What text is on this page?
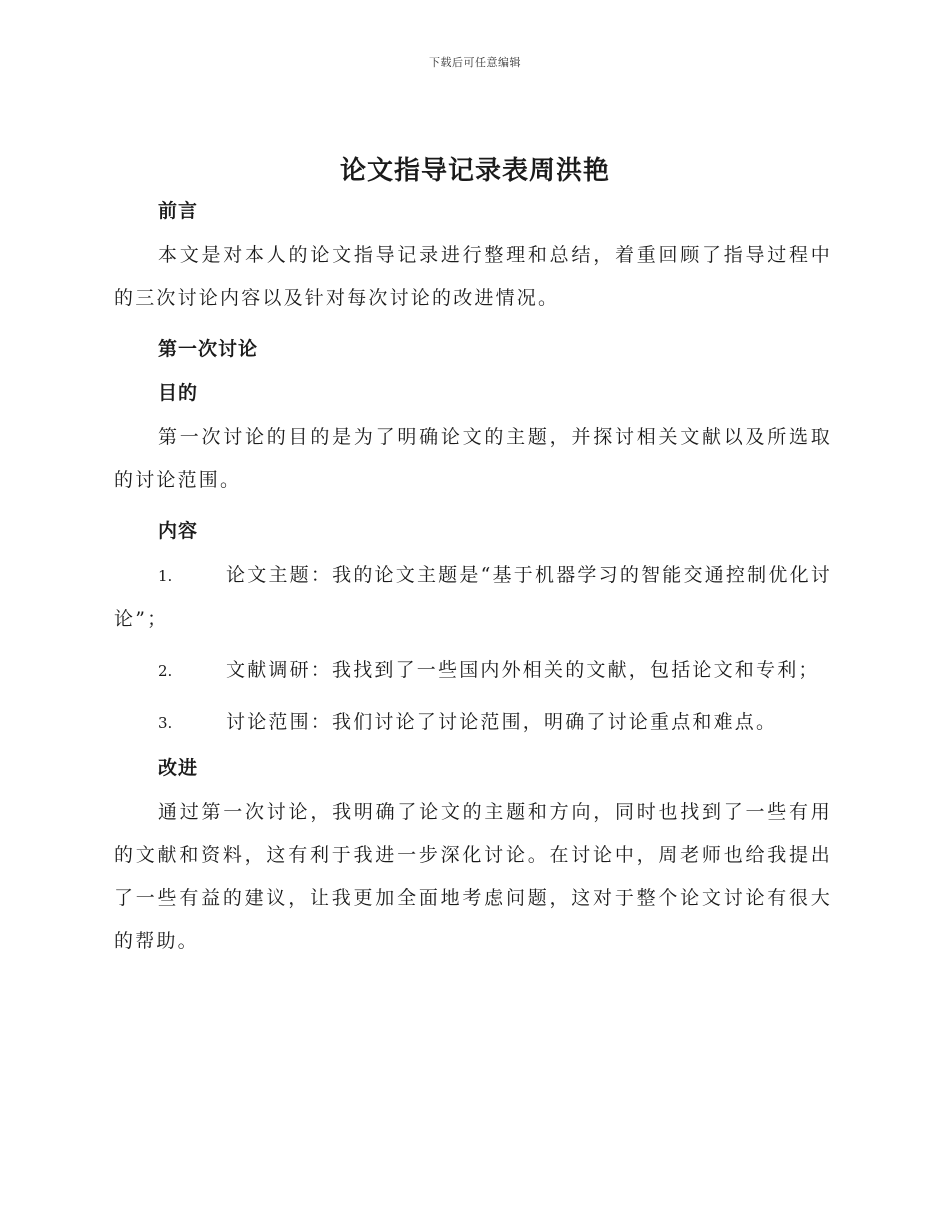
下载后可任意编辑
论文指导记录表周洪艳

前言

本文是对本人的论文指导记录进行整理和总结，着重回顾了指导过程中的三次讨论内容以及针对每次讨论的改进情况。

第一次讨论

目的

第一次讨论的目的是为了明确论文的主题，并探讨相关文献以及所选取的讨论范围。

内容

1.	论文主题：我的论文主题是“基于机器学习的智能交通控制优化讨论”；

2.	文献调研：我找到了一些国内外相关的文献，包括论文和专利；

3.	讨论范围：我们讨论了讨论范围，明确了讨论重点和难点。

改进

通过第一次讨论，我明确了论文的主题和方向，同时也找到了一些有用的文献和资料，这有利于我进一步深化讨论。在讨论中，周老师也给我提出了一些有益的建议，让我更加全面地考虑问题，这对于整个论文讨论有很大的帮助。
